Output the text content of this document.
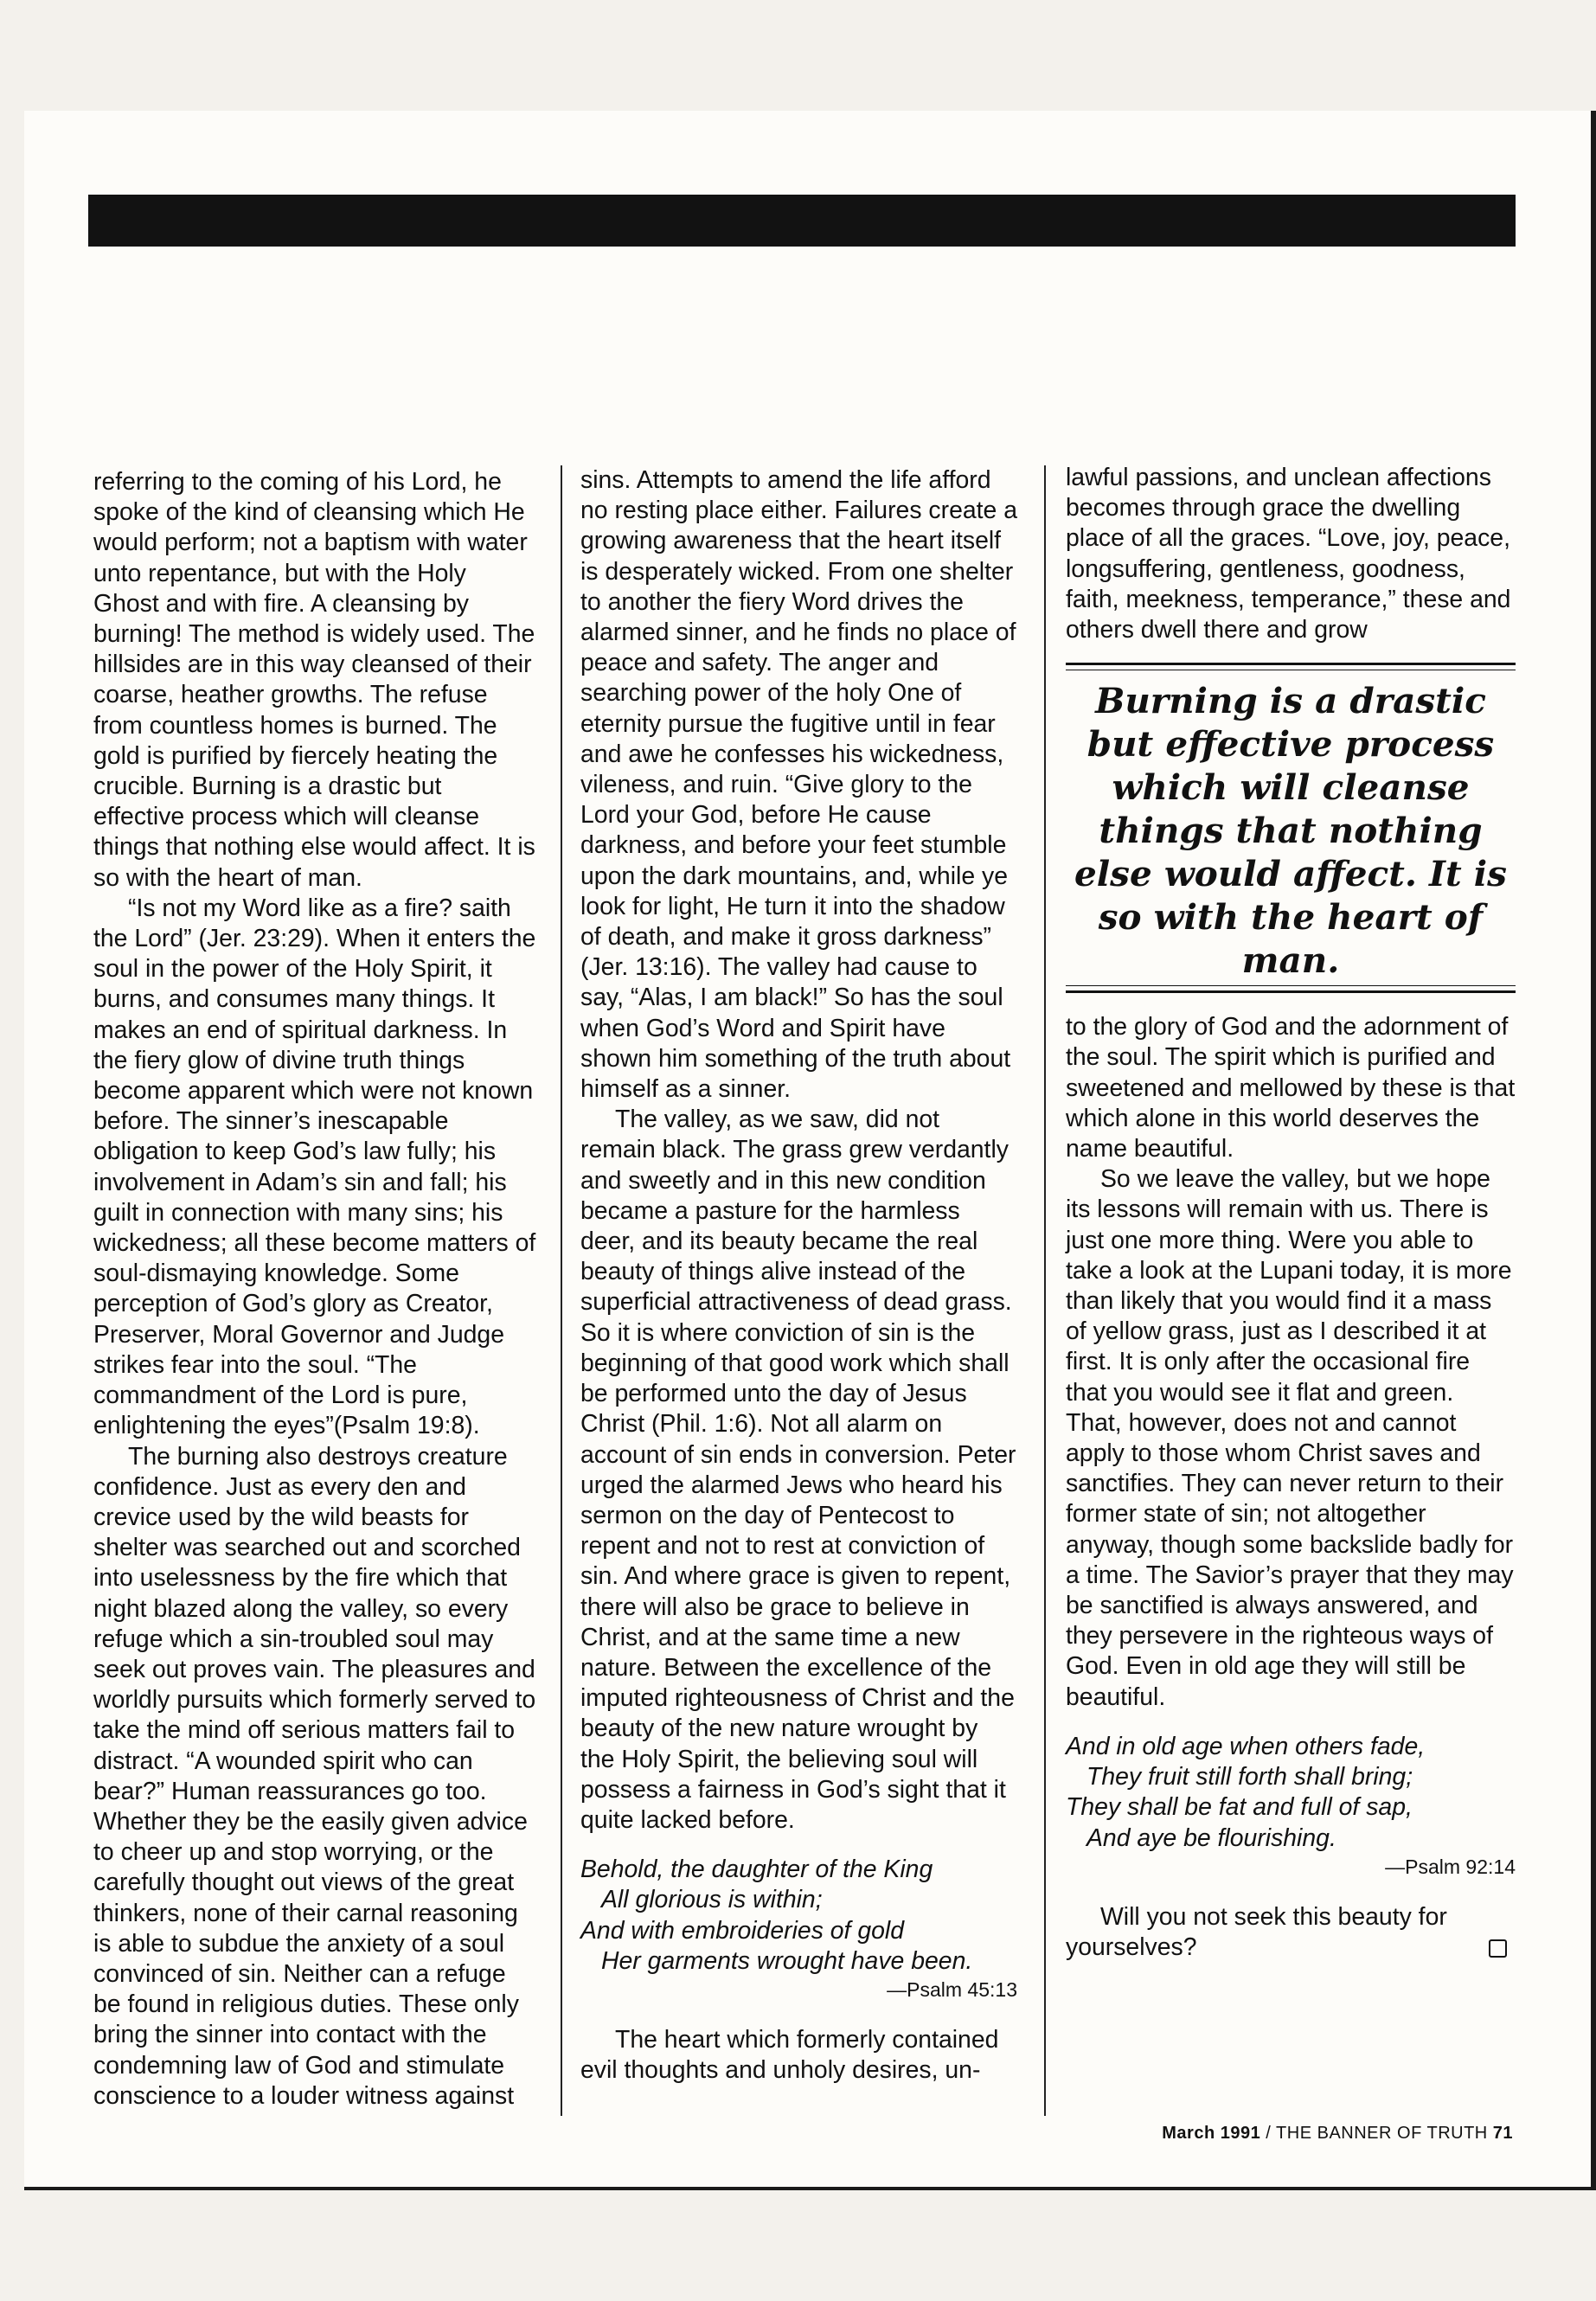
referring to the coming of his Lord, he spoke of the kind of cleansing which He would perform; not a baptism with water unto repentance, but with the Holy Ghost and with fire. A cleansing by burning! The method is widely used. The hillsides are in this way cleansed of their coarse, heather growths. The refuse from countless homes is burned. The gold is purified by fiercely heating the crucible. Burning is a drastic but effective process which will cleanse things that nothing else would affect. It is so with the heart of man.

“Is not my Word like as a fire? saith the Lord” (Jer. 23:29). When it enters the soul in the power of the Holy Spirit, it burns, and consumes many things. It makes an end of spiritual darkness. In the fiery glow of divine truth things become apparent which were not known before. The sinner’s inescapable obligation to keep God’s law fully; his involvement in Adam’s sin and fall; his guilt in connection with many sins; his wickedness; all these become matters of soul-dismaying knowledge. Some perception of God’s glory as Creator, Preserver, Moral Governor and Judge strikes fear into the soul. “The commandment of the Lord is pure, enlightening the eyes”(Psalm 19:8).

The burning also destroys creature confidence. Just as every den and crevice used by the wild beasts for shelter was searched out and scorched into uselessness by the fire which that night blazed along the valley, so every refuge which a sin-troubled soul may seek out proves vain. The pleasures and worldly pursuits which formerly served to take the mind off serious matters fail to distract. “A wounded spirit who can bear?” Human reassurances go too. Whether they be the easily given advice to cheer up and stop worrying, or the carefully thought out views of the great thinkers, none of their carnal reasoning is able to subdue the anxiety of a soul convinced of sin. Neither can a refuge be found in religious duties. These only bring the sinner into contact with the condemning law of God and stimulate conscience to a louder witness against

sins. Attempts to amend the life afford no resting place either. Failures create a growing awareness that the heart itself is desperately wicked. From one shelter to another the fiery Word drives the alarmed sinner, and he finds no place of peace and safety. The anger and searching power of the holy One of eternity pursue the fugitive until in fear and awe he confesses his wickedness, vileness, and ruin. “Give glory to the Lord your God, before He cause darkness, and before your feet stumble upon the dark mountains, and, while ye look for light, He turn it into the shadow of death, and make it gross darkness” (Jer. 13:16). The valley had cause to say, “Alas, I am black!” So has the soul when God’s Word and Spirit have shown him something of the truth about himself as a sinner.

The valley, as we saw, did not remain black. The grass grew verdantly and sweetly and in this new condition became a pasture for the harmless deer, and its beauty became the real beauty of things alive instead of the superficial attractiveness of dead grass. So it is where conviction of sin is the beginning of that good work which shall be performed unto the day of Jesus Christ (Phil. 1:6). Not all alarm on account of sin ends in conversion. Peter urged the alarmed Jews who heard his sermon on the day of Pentecost to repent and not to rest at conviction of sin. And where grace is given to repent, there will also be grace to believe in Christ, and at the same time a new nature. Between the excellence of the imputed righteousness of Christ and the beauty of the new nature wrought by the Holy Spirit, the believing soul will possess a fairness in God’s sight that it quite lacked before.

Behold, the daughter of the King
All glorious is within;
And with embroideries of gold
Her garments wrought have been.
—Psalm 45:13

The heart which formerly contained evil thoughts and unholy desires, un-

lawful passions, and unclean affections becomes through grace the dwelling place of all the graces. “Love, joy, peace, longsuffering, gentleness, goodness, faith, meekness, temperance,” these and others dwell there and grow

Burning is a drastic but effective process which will cleanse things that nothing else would affect. It is so with the heart of man.

to the glory of God and the adornment of the soul. The spirit which is purified and sweetened and mellowed by these is that which alone in this world deserves the name beautiful.

So we leave the valley, but we hope its lessons will remain with us. There is just one more thing. Were you able to take a look at the Lupani today, it is more than likely that you would find it a mass of yellow grass, just as I described it at first. It is only after the occasional fire that you would see it flat and green. That, however, does not and cannot apply to those whom Christ saves and sanctifies. They can never return to their former state of sin; not altogether anyway, though some backslide badly for a time. The Savior’s prayer that they may be sanctified is always answered, and they persevere in the righteous ways of God. Even in old age they will still be beautiful.

And in old age when others fade,
They fruit still forth shall bring;
They shall be fat and full of sap,
And aye be flourishing.
—Psalm 92:14

Will you not seek this beauty for yourselves?

March 1991 / THE BANNER OF TRUTH 71
